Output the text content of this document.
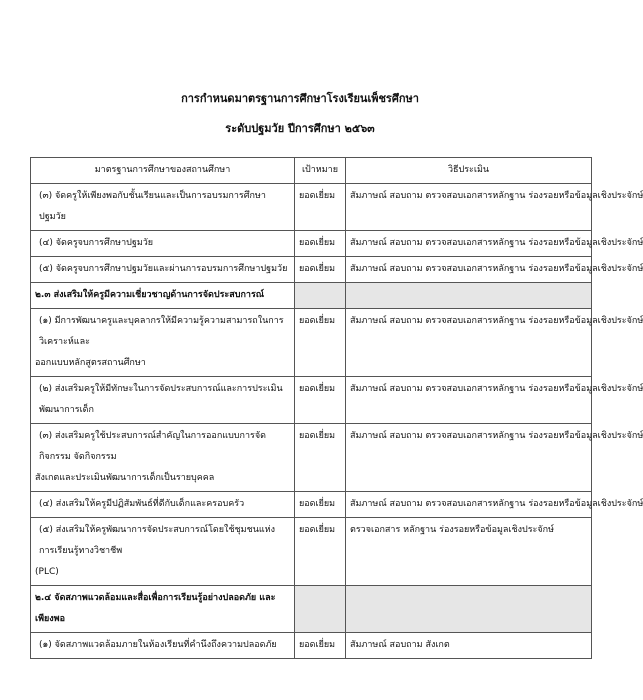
การกำหนดมาตรฐานการศึกษาโรงเรียนเพ็ชรศึกษา
ระดับปฐมวัย ปีการศึกษา ๒๕๖๓
มาตรฐานการศึกษาของสถานศึกษา	เป้าหมาย	วิธีประเมิน
(๓) จัดครูให้เพียงพอกับชั้นเรียนและเป็นการอบรมการศึกษาปฐมวัย	ยอดเยี่ยม	สัมภาษณ์ สอบถาม ตรวจสอบเอกสารหลักฐาน ร่องรอยหรือข้อมูลเชิงประจักษ์
(๔) จัดครูจบการศึกษาปฐมวัย	ยอดเยี่ยม	สัมภาษณ์ สอบถาม ตรวจสอบเอกสารหลักฐาน ร่องรอยหรือข้อมูลเชิงประจักษ์
(๕) จัดครูจบการศึกษาปฐมวัยและผ่านการอบรมการศึกษาปฐมวัย	ยอดเยี่ยม	สัมภาษณ์ สอบถาม ตรวจสอบเอกสารหลักฐาน ร่องรอยหรือข้อมูลเชิงประจักษ์
๒.๓ ส่งเสริมให้ครูมีความเชี่ยวชาญด้านการจัดประสบการณ์		

(๑) มีการพัฒนาครูและบุคลากรให้มีความรู้ความสามารถในการวิเคราะห์และ
ออกแบบหลักสูตรสถานศึกษา	ยอดเยี่ยม	สัมภาษณ์ สอบถาม ตรวจสอบเอกสารหลักฐาน ร่องรอยหรือข้อมูลเชิงประจักษ์
(๒) ส่งเสริมครูให้มีทักษะในการจัดประสบการณ์และการประเมินพัฒนาการเด็ก	ยอดเยี่ยม	สัมภาษณ์ สอบถาม ตรวจสอบเอกสารหลักฐาน ร่องรอยหรือข้อมูลเชิงประจักษ์

(๓) ส่งเสริมครูใช้ประสบการณ์สำคัญในการออกแบบการจัดกิจกรรม จัดกิจกรรม
สังเกตและประเมินพัฒนาการเด็กเป็นรายบุคคล	ยอดเยี่ยม	สัมภาษณ์ สอบถาม ตรวจสอบเอกสารหลักฐาน ร่องรอยหรือข้อมูลเชิงประจักษ์
(๔) ส่งเสริมให้ครูมีปฏิสัมพันธ์ที่ดีกับเด็กและครอบครัว	ยอดเยี่ยม	สัมภาษณ์ สอบถาม ตรวจสอบเอกสารหลักฐาน ร่องรอยหรือข้อมูลเชิงประจักษ์

(๕) ส่งเสริมให้ครูพัฒนาการจัดประสบการณ์โดยใช้ชุมชนแห่งการเรียนรู้ทางวิชาชีพ
(PLC)	ยอดเยี่ยม	ตรวจเอกสาร หลักฐาน ร่องรอยหรือข้อมูลเชิงประจักษ์
๒.๔ จัดสภาพแวดล้อมและสื่อเพื่อการเรียนรู้อย่างปลอดภัย และเพียงพอ		
(๑) จัดสภาพแวดล้อมภายในห้องเรียนที่คำนึงถึงความปลอดภัย	ยอดเยี่ยม	สัมภาษณ์ สอบถาม สังเกต
